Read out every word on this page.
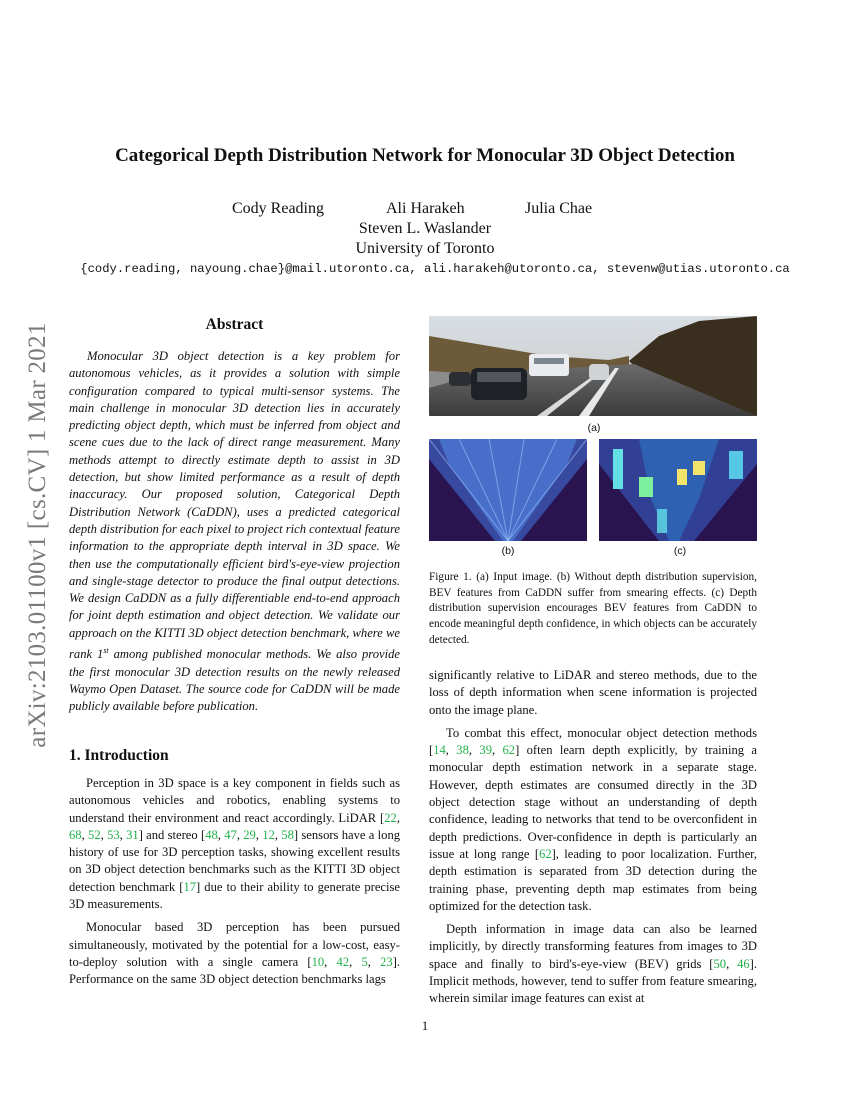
arXiv:2103.01100v1 [cs.CV] 1 Mar 2021
Categorical Depth Distribution Network for Monocular 3D Object Detection
Cody Reading	Ali Harakeh	Julia Chae
Steven L. Waslander
University of Toronto
{cody.reading, nayoung.chae}@mail.utoronto.ca, ali.harakeh@utoronto.ca, stevenw@utias.utoronto.ca
Abstract

Monocular 3D object detection is a key problem for autonomous vehicles, as it provides a solution with simple configuration compared to typical multi-sensor systems. The main challenge in monocular 3D detection lies in accurately predicting object depth, which must be inferred from object and scene cues due to the lack of direct range measurement. Many methods attempt to directly estimate depth to assist in 3D detection, but show limited performance as a result of depth inaccuracy. Our proposed solution, Categorical Depth Distribution Network (CaDDN), uses a predicted categorical depth distribution for each pixel to project rich contextual feature information to the appropriate depth interval in 3D space. We then use the computationally efficient bird's-eye-view projection and single-stage detector to produce the final output detections. We design CaDDN as a fully differentiable end-to-end approach for joint depth estimation and object detection. We validate our approach on the KITTI 3D object detection benchmark, where we rank 1st among published monocular methods. We also provide the first monocular 3D detection results on the newly released Waymo Open Dataset. The source code for CaDDN will be made publicly available before publication.

1. Introduction

Perception in 3D space is a key component in fields such as autonomous vehicles and robotics, enabling systems to understand their environment and react accordingly. LiDAR [22, 68, 52, 53, 31] and stereo [48, 47, 29, 12, 58] sensors have a long history of use for 3D perception tasks, showing excellent results on 3D object detection benchmarks such as the KITTI 3D object detection benchmark [17] due to their ability to generate precise 3D measurements.

Monocular based 3D perception has been pursued simultaneously, motivated by the potential for a low-cost, easy-to-deploy solution with a single camera [10, 42, 5, 23]. Performance on the same 3D object detection benchmarks lags

(a)
(b)	(c)

Figure 1. (a) Input image. (b) Without depth distribution supervision, BEV features from CaDDN suffer from smearing effects. (c) Depth distribution supervision encourages BEV features from CaDDN to encode meaningful depth confidence, in which objects can be accurately detected.

significantly relative to LiDAR and stereo methods, due to the loss of depth information when scene information is projected onto the image plane.

To combat this effect, monocular object detection methods [14, 38, 39, 62] often learn depth explicitly, by training a monocular depth estimation network in a separate stage. However, depth estimates are consumed directly in the 3D object detection stage without an understanding of depth confidence, leading to networks that tend to be overconfident in depth predictions. Over-confidence in depth is particularly an issue at long range [62], leading to poor localization. Further, depth estimation is separated from 3D detection during the training phase, preventing depth map estimates from being optimized for the detection task.

Depth information in image data can also be learned implicitly, by directly transforming features from images to 3D space and finally to bird's-eye-view (BEV) grids [50, 46]. Implicit methods, however, tend to suffer from feature smearing, wherein similar image features can exist at

1
